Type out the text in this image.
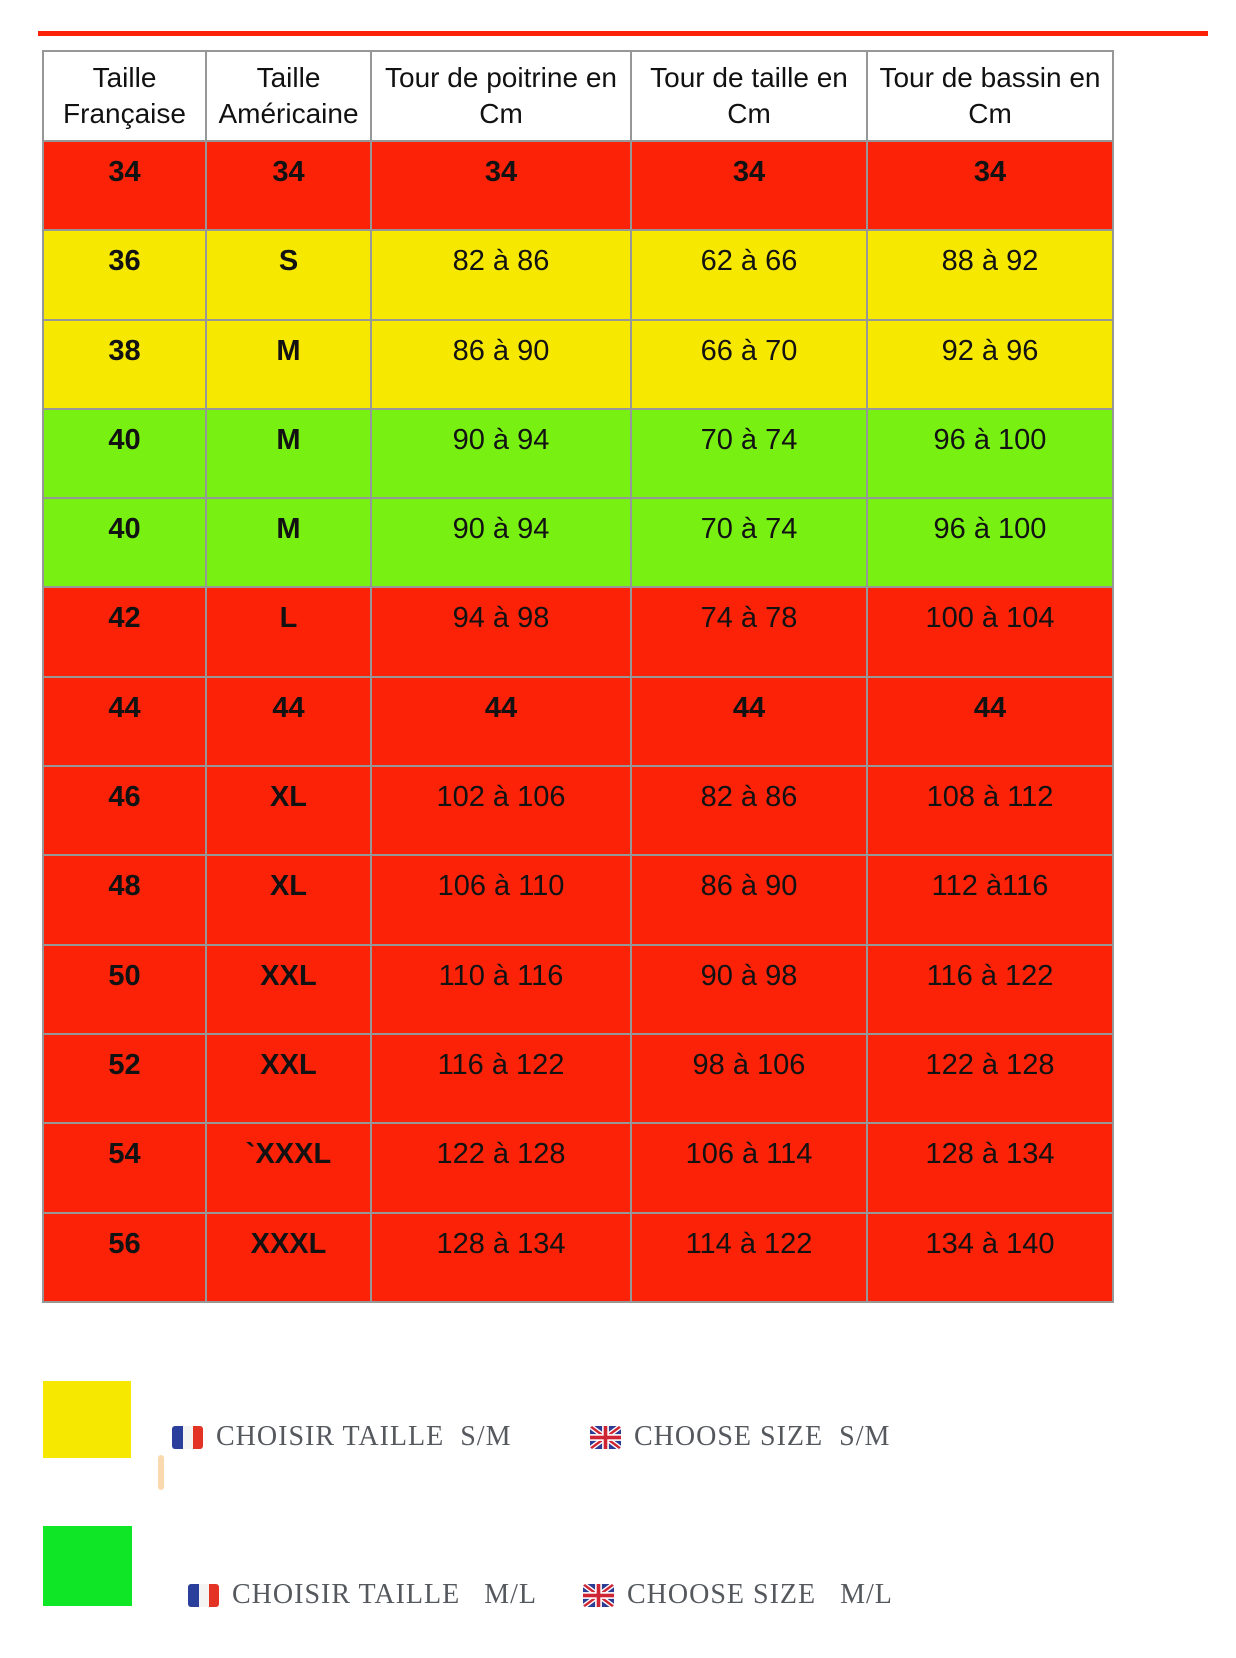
Taille Française	Taille Américaine	Tour de poitrine en Cm	Tour de taille en Cm	Tour de bassin en Cm
34	34	34	34	34
36	S	82 à 86	62 à 66	88 à 92
38	M	86 à 90	66 à 70	92 à 96
40	M	90 à 94	70 à 74	96 à 100
40	M	90 à 94	70 à 74	96 à 100
42	L	94 à 98	74 à 78	100 à 104
44	44	44	44	44
46	XL	102 à 106	82 à 86	108 à 112
48	XL	106 à 110	86 à 90	112 à116
50	XXL	110 à 116	90 à 98	116 à 122
52	XXL	116 à 122	98 à 106	122 à 128
54	`XXXL	122 à 128	106 à 114	128 à 134
56	XXXL	128 à 134	114 à 122	134 à 140
CHOISIR TAILLE  S/M	CHOOSE SIZE  S/M
CHOISIR TAILLE   M/L	CHOOSE SIZE   M/L
